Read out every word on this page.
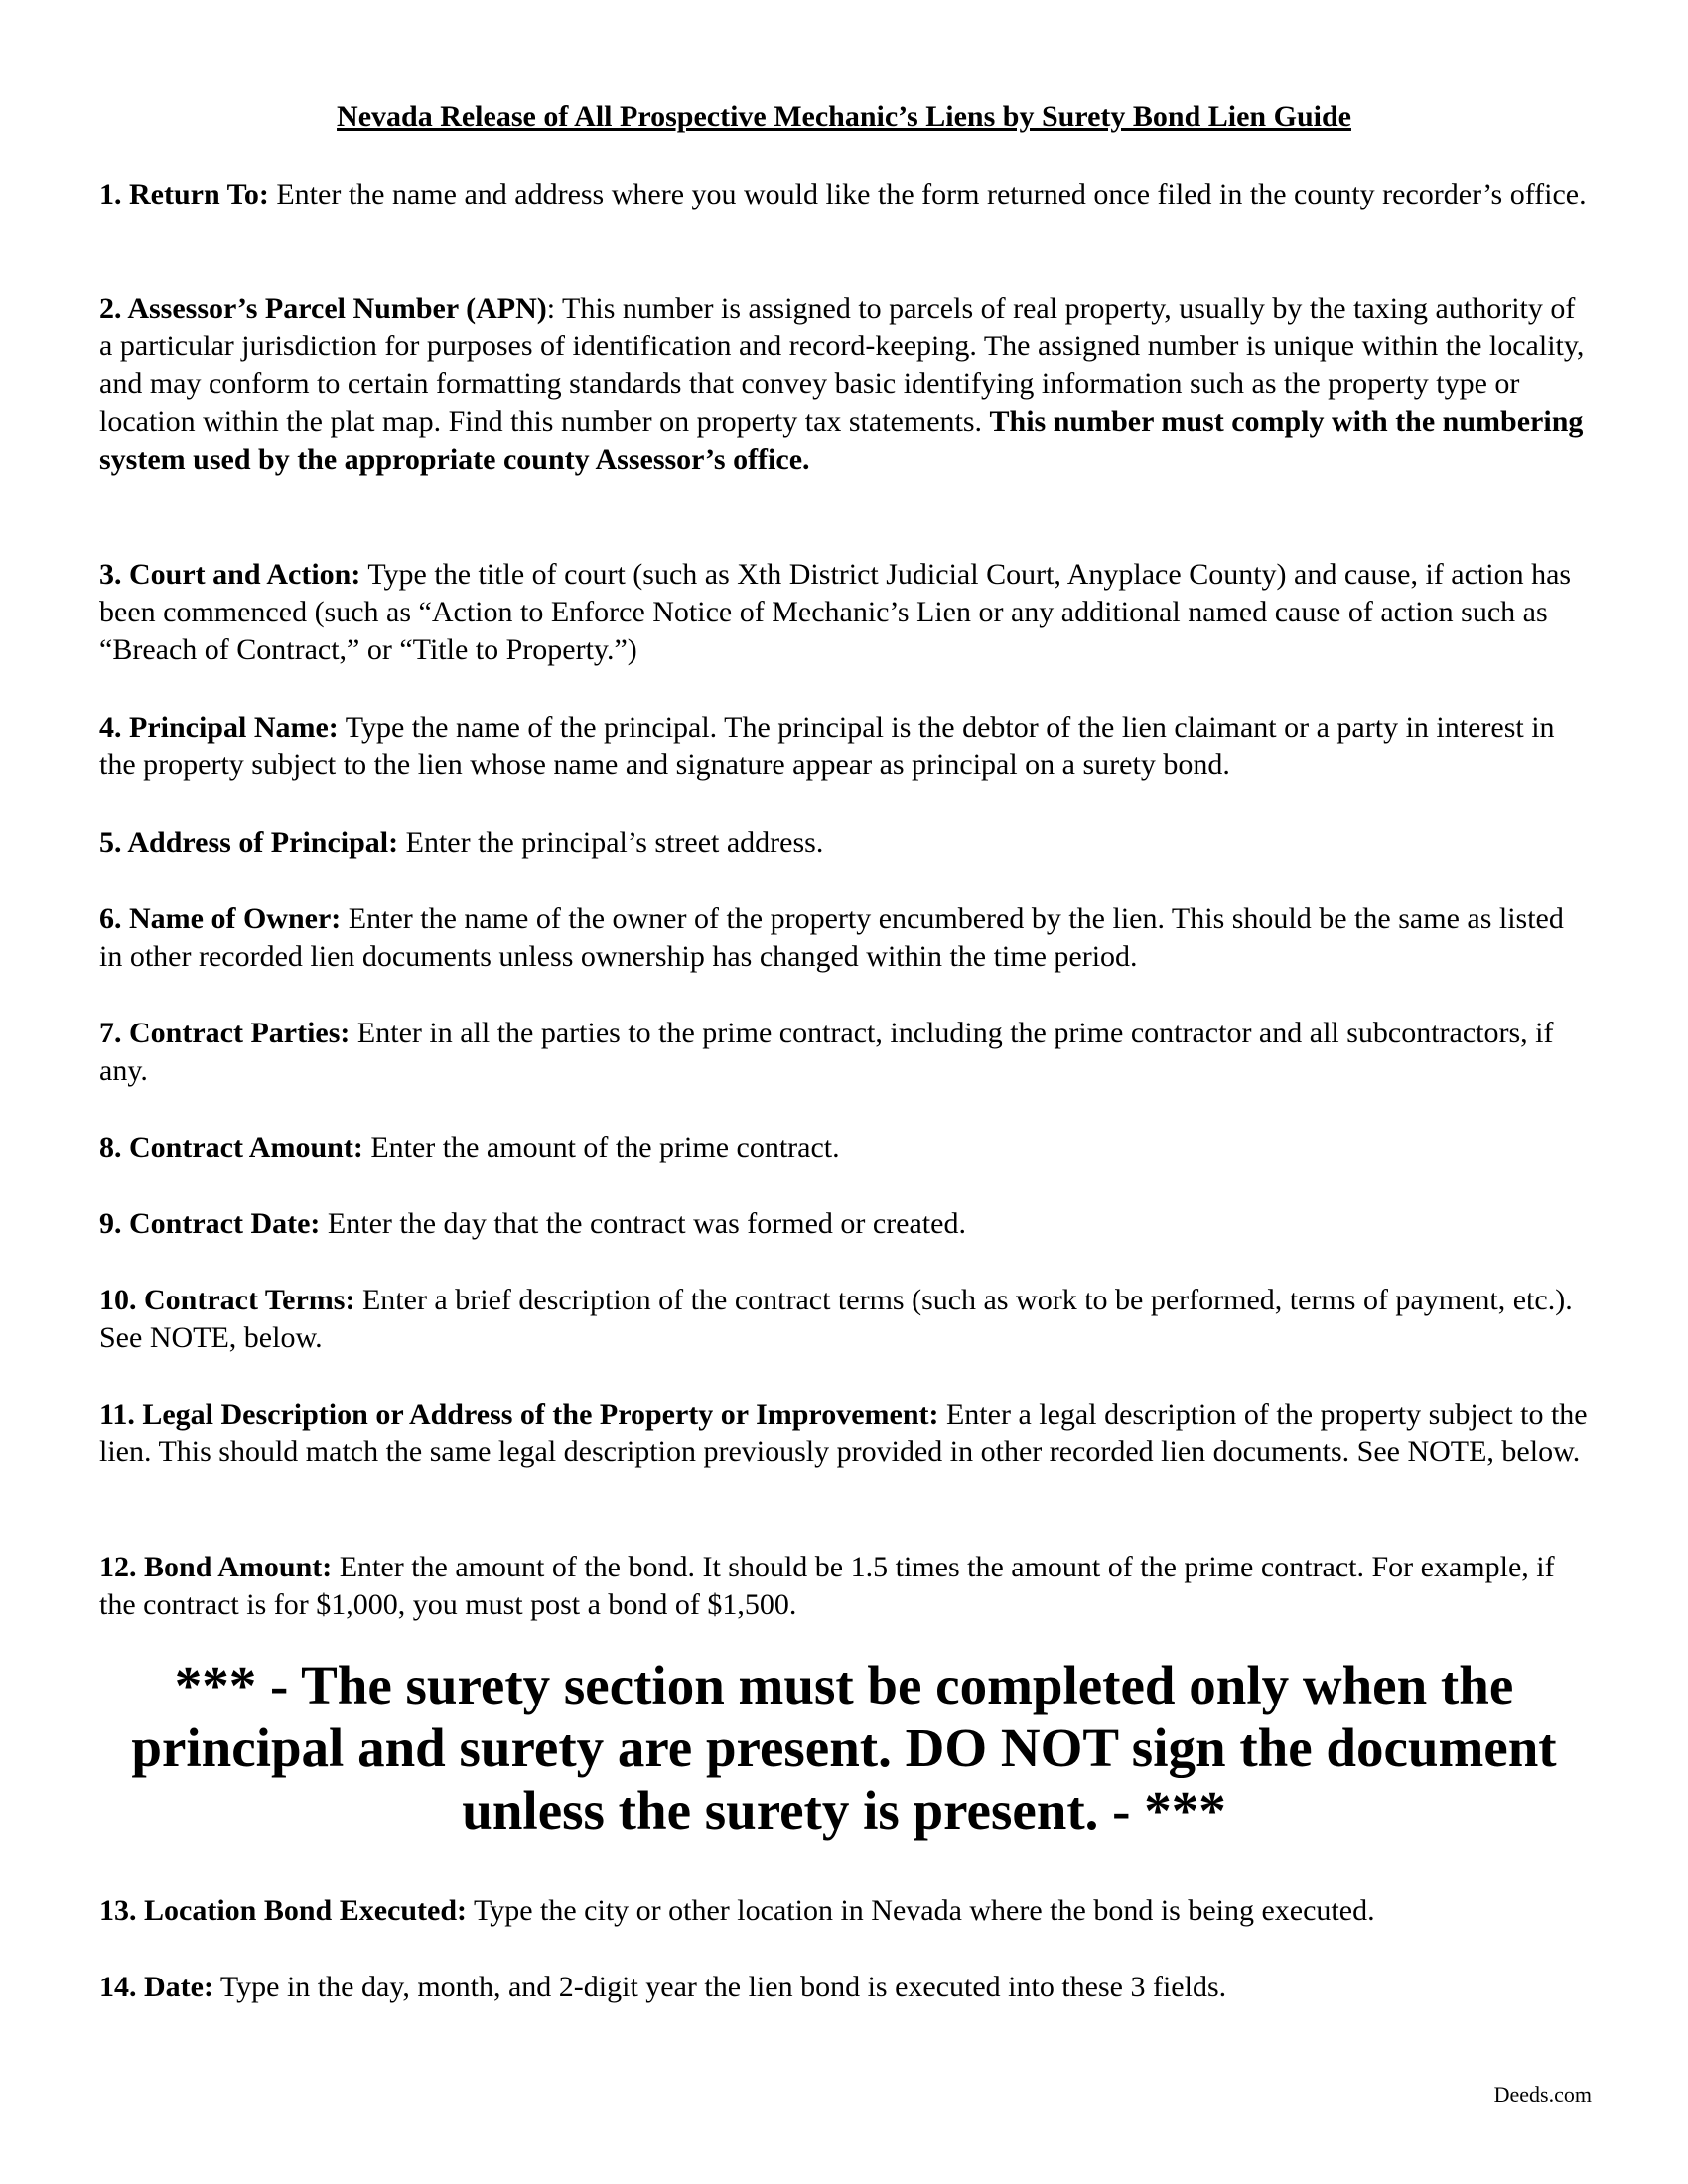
Nevada Release of All Prospective Mechanic’s Liens by Surety Bond Lien Guide

1. Return To: Enter the name and address where you would like the form returned once filed in the county recorder’s office.

2. Assessor’s Parcel Number (APN): This number is assigned to parcels of real property, usually by the taxing authority of a particular jurisdiction for purposes of identification and record-keeping. The assigned number is unique within the locality, and may conform to certain formatting standards that convey basic identifying information such as the property type or location within the plat map. Find this number on property tax statements. This number must comply with the numbering system used by the appropriate county Assessor’s office.

3. Court and Action: Type the title of court (such as Xth District Judicial Court, Anyplace County) and cause, if action has been commenced (such as “Action to Enforce Notice of Mechanic’s Lien or any additional named cause of action such as “Breach of Contract,” or “Title to Property.”)

4. Principal Name: Type the name of the principal. The principal is the debtor of the lien claimant or a party in interest in the property subject to the lien whose name and signature appear as principal on a surety bond.

5. Address of Principal: Enter the principal’s street address.

6. Name of Owner: Enter the name of the owner of the property encumbered by the lien. This should be the same as listed in other recorded lien documents unless ownership has changed within the time period.

7. Contract Parties: Enter in all the parties to the prime contract, including the prime contractor and all subcontractors, if any.

8. Contract Amount: Enter the amount of the prime contract.

9. Contract Date: Enter the day that the contract was formed or created.

10. Contract Terms: Enter a brief description of the contract terms (such as work to be performed, terms of payment, etc.). See NOTE, below.

11. Legal Description or Address of the Property or Improvement: Enter a legal description of the property subject to the lien. This should match the same legal description previously provided in other recorded lien documents. See NOTE, below.

12. Bond Amount: Enter the amount of the bond. It should be 1.5 times the amount of the prime contract. For example, if the contract is for $1,000, you must post a bond of $1,500.

*** - The surety section must be completed only when the principal and surety are present. DO NOT sign the document unless the surety is present. - ***

13. Location Bond Executed: Type the city or other location in Nevada where the bond is being executed.

14. Date: Type in the day, month, and 2-digit year the lien bond is executed into these 3 fields.

Deeds.com
